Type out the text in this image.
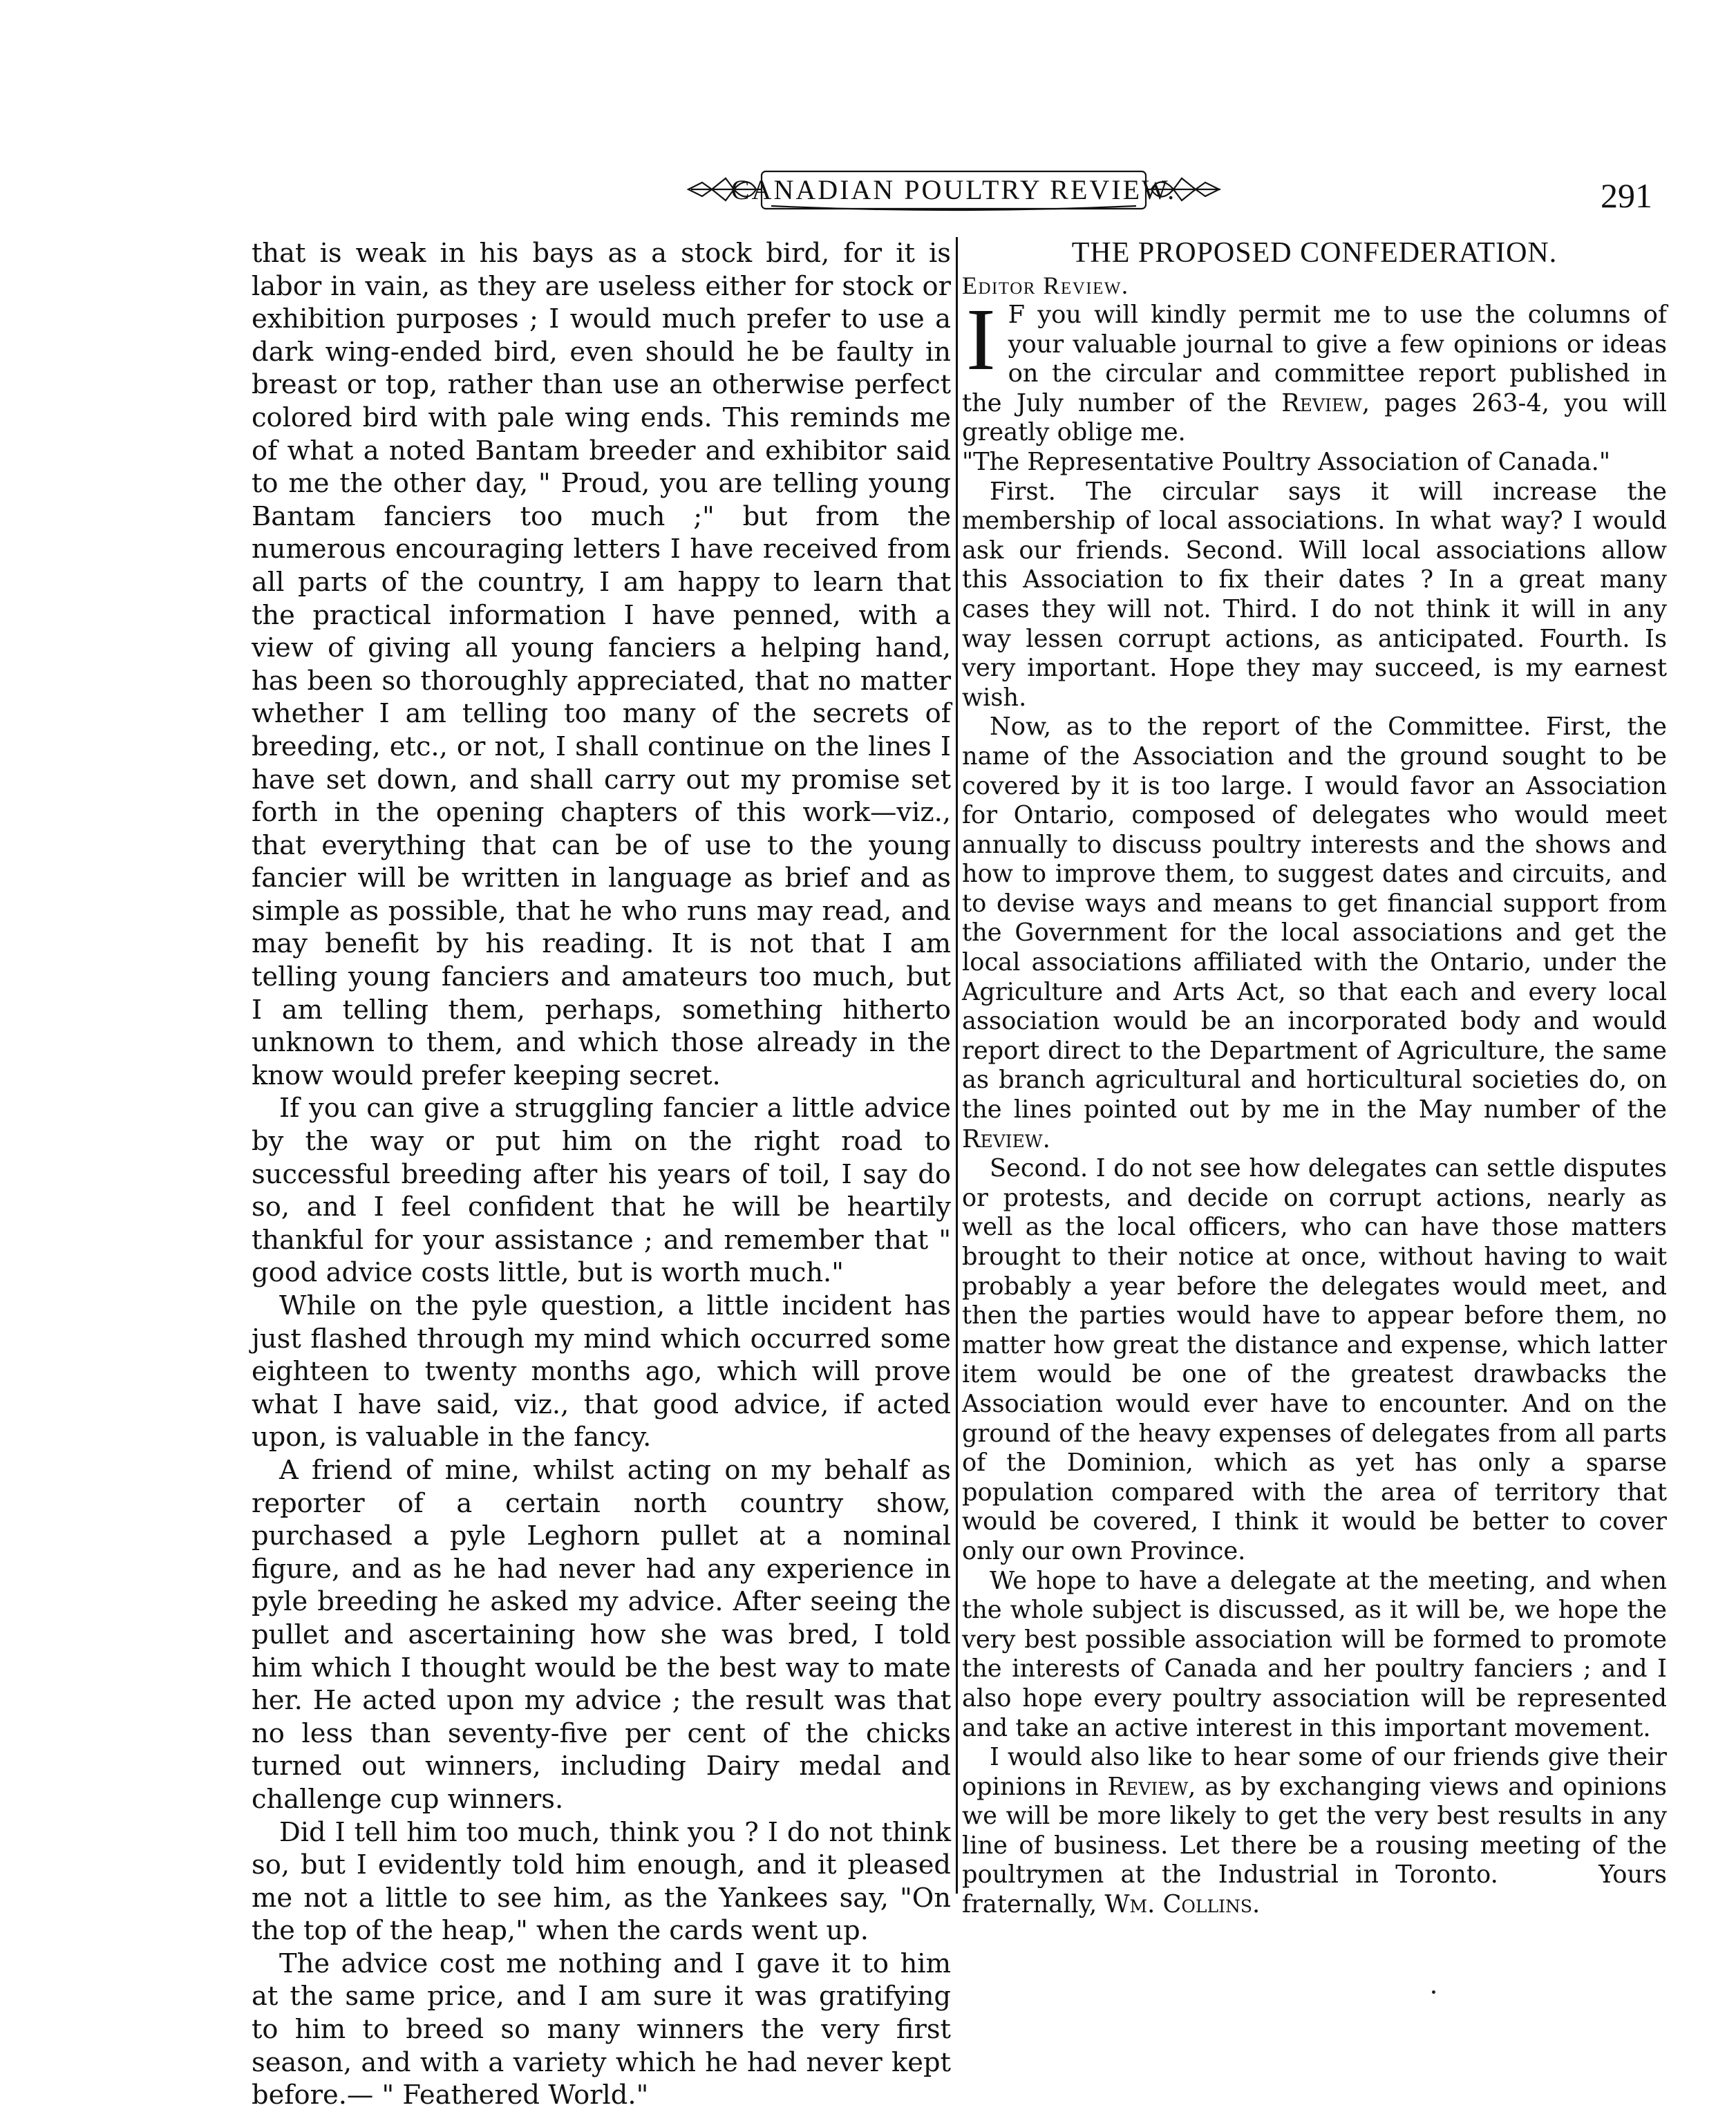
CANADIAN POULTRY REVIEW.	291

that is weak in his bays as a stock bird, for it is labor in vain, as they are useless either for stock or exhibition purposes ; I would much prefer to use a dark wing-ended bird, even should he be faulty in breast or top, rather than use an otherwise perfect colored bird with pale wing ends. This reminds me of what a noted Bantam breeder and exhibitor said to me the other day, " Proud, you are telling young Bantam fanciers too much ;" but from the numerous encouraging letters I have received from all parts of the country, I am happy to learn that the practical information I have penned, with a view of giving all young fanciers a helping hand, has been so thoroughly appreciated, that no matter whether I am telling too many of the secrets of breeding, etc., or not, I shall continue on the lines I have set down, and shall carry out my promise set forth in the opening chapters of this work—viz., that everything that can be of use to the young fancier will be written in language as brief and as simple as possible, that he who runs may read, and may benefit by his reading. It is not that I am telling young fanciers and amateurs too much, but I am telling them, perhaps, something hitherto unknown to them, and which those already in the know would prefer keeping secret.

If you can give a struggling fancier a little advice by the way or put him on the right road to successful breeding after his years of toil, I say do so, and I feel confident that he will be heartily thankful for your assistance ; and remember that " good advice costs little, but is worth much."

While on the pyle question, a little incident has just flashed through my mind which occurred some eighteen to twenty months ago, which will prove what I have said, viz., that good advice, if acted upon, is valuable in the fancy.

A friend of mine, whilst acting on my behalf as reporter of a certain north country show, purchased a pyle Leghorn pullet at a nominal figure, and as he had never had any experience in pyle breeding he asked my advice. After seeing the pullet and ascertaining how she was bred, I told him which I thought would be the best way to mate her. He acted upon my advice ; the result was that no less than seventy-five per cent of the chicks turned out winners, including Dairy medal and challenge cup winners.

Did I tell him too much, think you ? I do not think so, but I evidently told him enough, and it pleased me not a little to see him, as the Yankees say, "On the top of the heap," when the cards went up.

The advice cost me nothing and I gave it to him at the same price, and I am sure it was gratifying to him to breed so many winners the very first season, and with a variety which he had never kept before.— " Feathered World."

THE PROPOSED CONFEDERATION.
Editor Review.

I F you will kindly permit me to use the columns of your valuable journal to give a few opinions or ideas on the circular and committee report published in the July number of the Review, pages 263-4, you will greatly oblige me.

"The Representative Poultry Association of Canada."

First. The circular says it will increase the membership of local associations. In what way? I would ask our friends. Second. Will local associations allow this Association to fix their dates ? In a great many cases they will not. Third. I do not think it will in any way lessen corrupt actions, as anticipated. Fourth. Is very important. Hope they may succeed, is my earnest wish.

Now, as to the report of the Committee. First, the name of the Association and the ground sought to be covered by it is too large. I would favor an Association for Ontario, composed of delegates who would meet annually to discuss poultry interests and the shows and how to improve them, to suggest dates and circuits, and to devise ways and means to get financial support from the Government for the local associations and get the local associations affiliated with the Ontario, under the Agriculture and Arts Act, so that each and every local association would be an incorporated body and would report direct to the Department of Agriculture, the same as branch agricultural and horticultural societies do, on the lines pointed out by me in the May number of the Review.

Second. I do not see how delegates can settle disputes or protests, and decide on corrupt actions, nearly as well as the local officers, who can have those matters brought to their notice at once, without having to wait probably a year before the delegates would meet, and then the parties would have to appear before them, no matter how great the distance and expense, which latter item would be one of the greatest drawbacks the Association would ever have to encounter. And on the ground of the heavy expenses of delegates from all parts of the Dominion, which as yet has only a sparse population compared with the area of territory that would be covered, I think it would be better to cover only our own Province.

We hope to have a delegate at the meeting, and when the whole subject is discussed, as it will be, we hope the very best possible association will be formed to promote the interests of Canada and her poultry fanciers ; and I also hope every poultry association will be represented and take an active interest in this important movement.

I would also like to hear some of our friends give their opinions in Review, as by exchanging views and opinions we will be more likely to get the very best results in any line of business. Let there be a rousing meeting of the poultrymen at the Industrial in Toronto.	Yours fraternally, Wm. Collins.
